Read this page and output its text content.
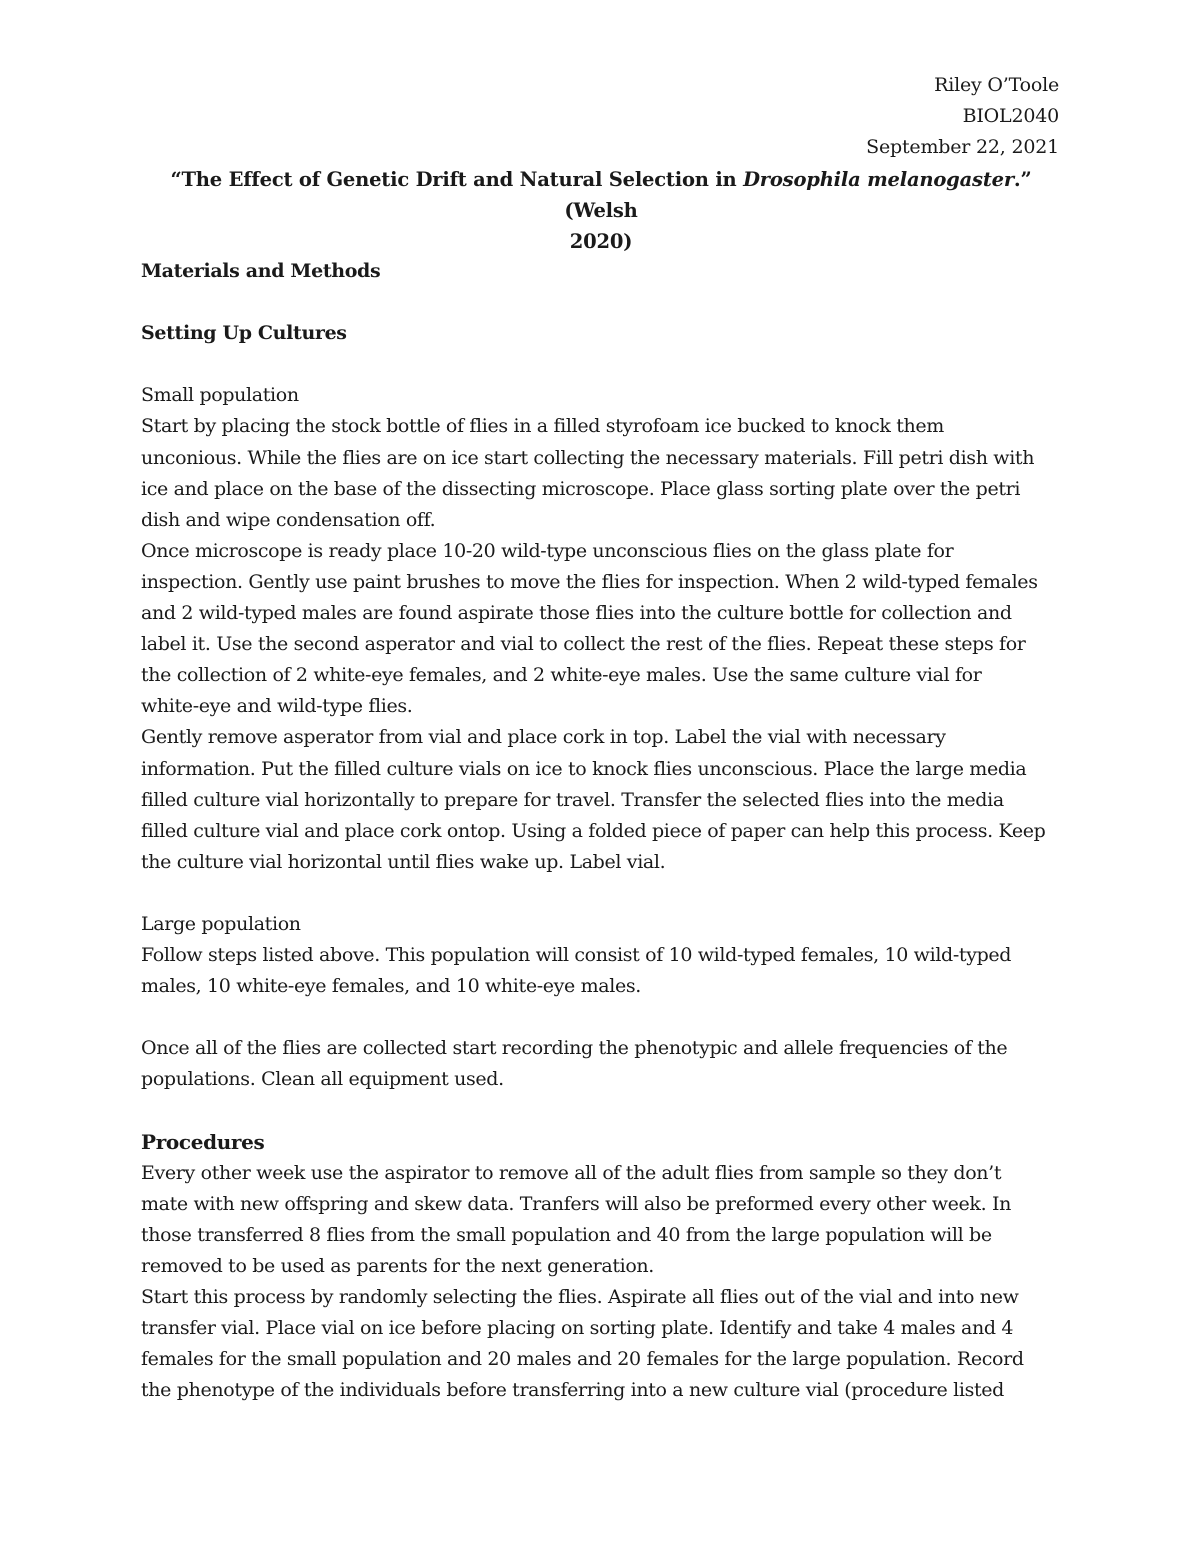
Riley O’Toole
BIOL2040
September 22, 2021
“The Effect of Genetic Drift and Natural Selection in Drosophila melanogaster.” (Welsh
2020)
Materials and Methods
Setting Up Cultures
Small population
Start by placing the stock bottle of flies in a filled styrofoam ice bucked to knock them
unconious. While the flies are on ice start collecting the necessary materials. Fill petri dish with
ice and place on the base of the dissecting microscope. Place glass sorting plate over the petri
dish and wipe condensation off.
Once microscope is ready place 10-20 wild-type unconscious flies on the glass plate for
inspection. Gently use paint brushes to move the flies for inspection. When 2 wild-typed females
and 2 wild-typed males are found aspirate those flies into the culture bottle for collection and
label it. Use the second asperator and vial to collect the rest of the flies. Repeat these steps for
the collection of 2 white-eye females, and 2 white-eye males. Use the same culture vial for
white-eye and wild-type flies.
Gently remove asperator from vial and place cork in top. Label the vial with necessary
information. Put the filled culture vials on ice to knock flies unconscious. Place the large media
filled culture vial horizontally to prepare for travel. Transfer the selected flies into the media
filled culture vial and place cork ontop. Using a folded piece of paper can help this process. Keep
the culture vial horizontal until flies wake up. Label vial.
Large population
Follow steps listed above. This population will consist of 10 wild-typed females, 10 wild-typed
males, 10 white-eye females, and 10 white-eye males.
Once all of the flies are collected start recording the phenotypic and allele frequencies of the
populations. Clean all equipment used.
Procedures
Every other week use the aspirator to remove all of the adult flies from sample so they don’t
mate with new offspring and skew data. Tranfers will also be preformed every other week. In
those transferred 8 flies from the small population and 40 from the large population will be
removed to be used as parents for the next generation.
Start this process by randomly selecting the flies. Aspirate all flies out of the vial and into new
transfer vial. Place vial on ice before placing on sorting plate. Identify and take 4 males and 4
females for the small population and 20 males and 20 females for the large population. Record
the phenotype of the individuals before transferring into a new culture vial (procedure listed
